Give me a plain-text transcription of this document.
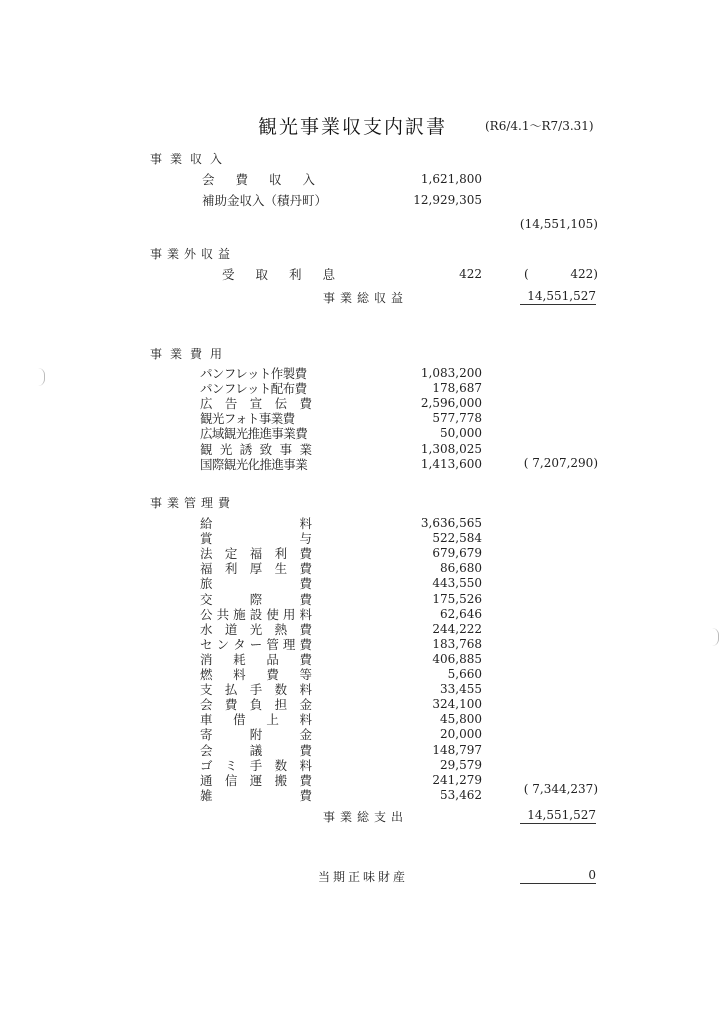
観光事業収支内訳書	(R6/4.1〜R7/3.31)
事業収入
会 費 収 入	1,621,800
補助金収入（積丹町）	12,929,305
(14,551,105)
事業外収益
受 取 利 息	422	(	422)
事業総収益	14,551,527
事業費用
パンフレット作製費	1,083,200
パンフレット配布費	178,687
広 告 宣 伝 費	2,596,000
観光フォト事業費	577,778
広域観光推進事業費	50,000
観 光 誘 致 事 業	1,308,025
国際観光化推進事業	1,413,600	( 7,207,290)
事業管理費
給	料	3,636,565
賞	与	522,584
法 定 福 利 費	679,679
福 利 厚 生 費	86,680
旅	費	443,550
交	際	費	175,526
公 共 施 設 使 用 料	62,646
水 道 光 熱 費	244,222
セ ン タ ー 管 理 費	183,768
消 耗 品 費	406,885
燃 料 費 等	5,660
支 払 手 数 料	33,455
会 費 負 担 金	324,100
車 借 上 料	45,800
寄	附	金	20,000
会	議	費	148,797
ゴ ミ 手 数 料	29,579
通 信 運 搬 費	241,279
雑	費	53,462	( 7,344,237)
事業総支出	14,551,527
当期正味財産	0
